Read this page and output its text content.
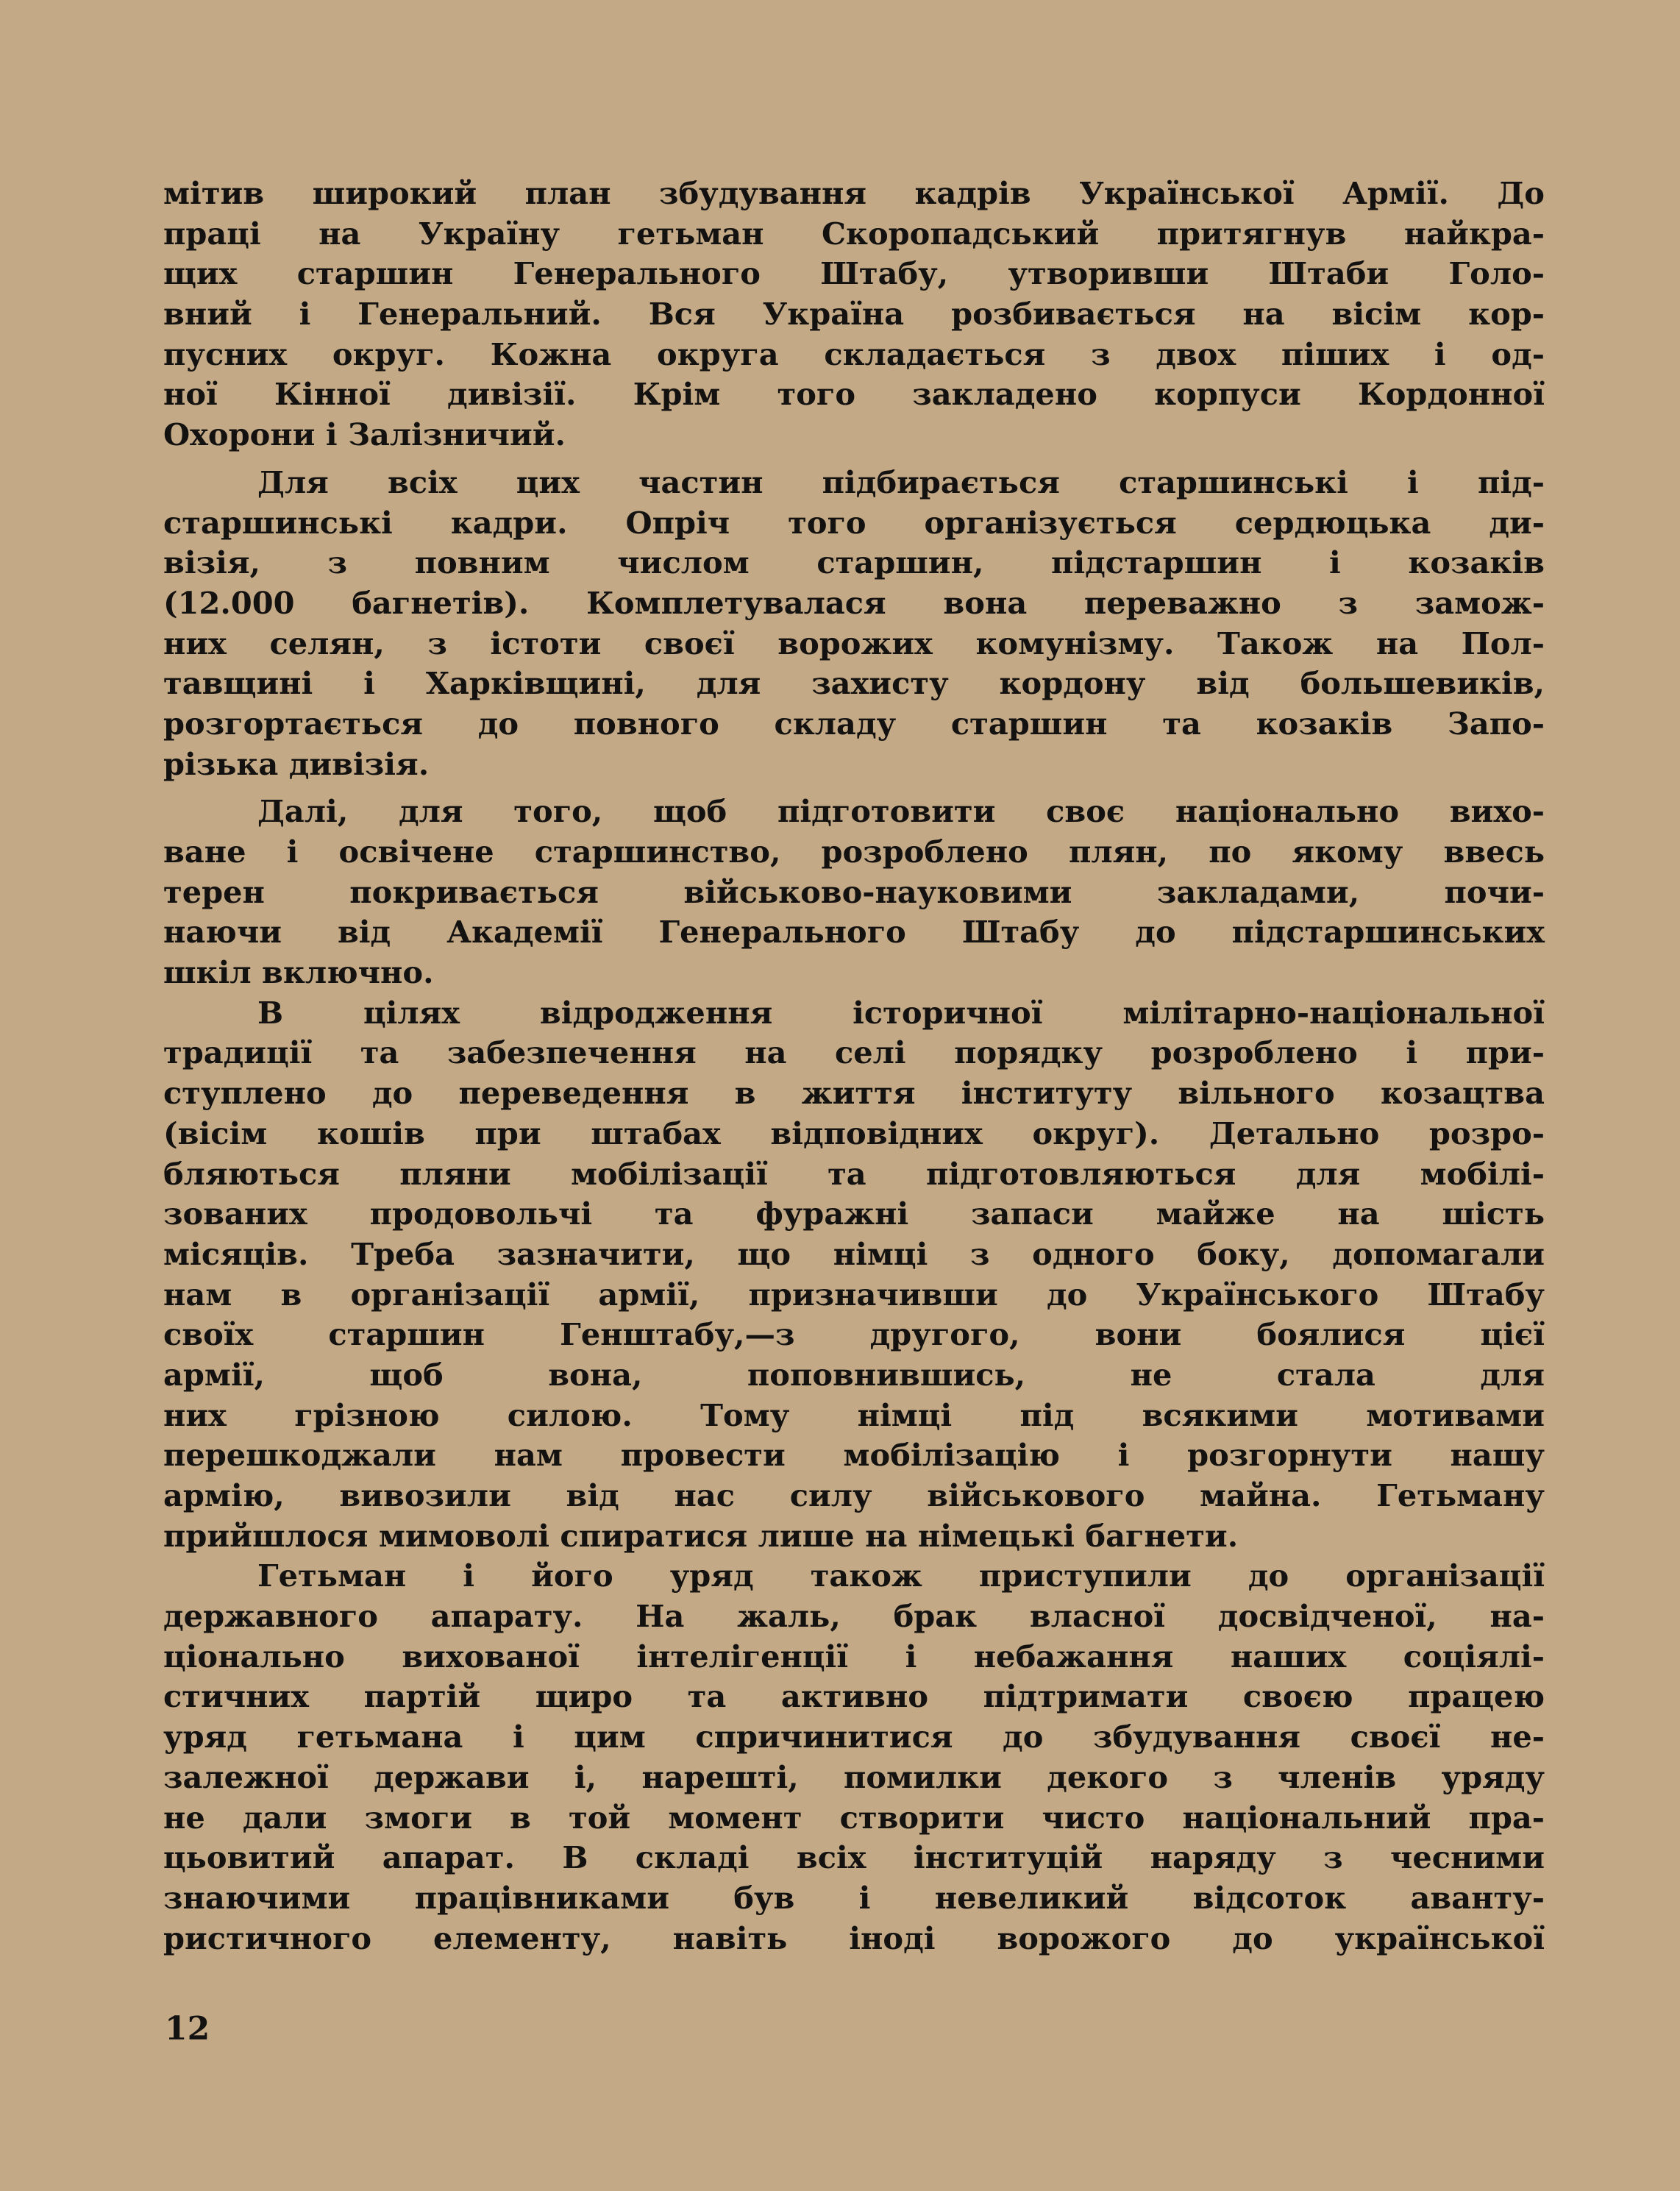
мітив широкий план збудування кадрів Української Армії. До
праці на Україну гетьман Скоропадський притягнув найкра-
щих старшин Генерального Штабу, утворивши Штаби Голо-
вний і Генеральний. Вся Україна розбивається на вісім кор-
пусних округ. Кожна округа складається з двох піших і од-
ної Кінної дивізії. Крім того закладено корпуси Кордонної
Охорони і Залізничий.
Для всіх цих частин підбирається старшинські і під-
старшинські кадри. Опріч того організується сердюцька ди-
візія, з повним числом старшин, підстаршин і козаків
(12.000 багнетів). Комплетувалася вона переважно з замож-
них селян, з істоти своєї ворожих комунізму. Також на Пол-
тавщині і Харківщині, для захисту кордону від большевиків,
розгортається до повного складу старшин та козаків Запо-
різька дивізія.
Далі, для того, щоб підготовити своє національно вихо-
ване і освічене старшинство, розроблено плян, по якому ввесь
терен покривається військово-науковими закладами, почи-
наючи від Академії Генерального Штабу до підстаршинських
шкіл включно.
В цілях відродження історичної мілітарно-національної
традиції та забезпечення на селі порядку розроблено і при-
ступлено до переведення в життя інституту вільного козацтва
(вісім кошів при штабах відповідних округ). Детально розро-
бляються пляни мобілізації та підготовляються для мобілі-
зованих продовольчі та фуражні запаси майже на шість
місяців. Треба зазначити, що німці з одного боку, допомагали
нам в організації армії, призначивши до Українського Штабу
своїх старшин Генштабу,—з другого, вони боялися цієї
армії, щоб вона, поповнившись, не стала для
них грізною силою. Тому німці під всякими мотивами
перешкоджали нам провести мобілізацію і розгорнути нашу
армію, вивозили від нас силу військового майна. Гетьману
прийшлося мимоволі спиратися лише на німецькі багнети.
Гетьман і його уряд також приступили до організації
державного апарату. На жаль, брак власної досвідченої, на-
ціонально вихованої інтелігенції і небажання наших соціялі-
стичних партій щиро та активно підтримати своєю працею
уряд гетьмана і цим спричинитися до збудування своєї не-
залежної держави і, нарешті, помилки декого з членів уряду
не дали змоги в той момент створити чисто національний пра-
цьовитий апарат. В складі всіх інституцій наряду з чесними
знаючими працівниками був і невеликий відсоток аванту-
ристичного елементу, навіть іноді ворожого до української
12
